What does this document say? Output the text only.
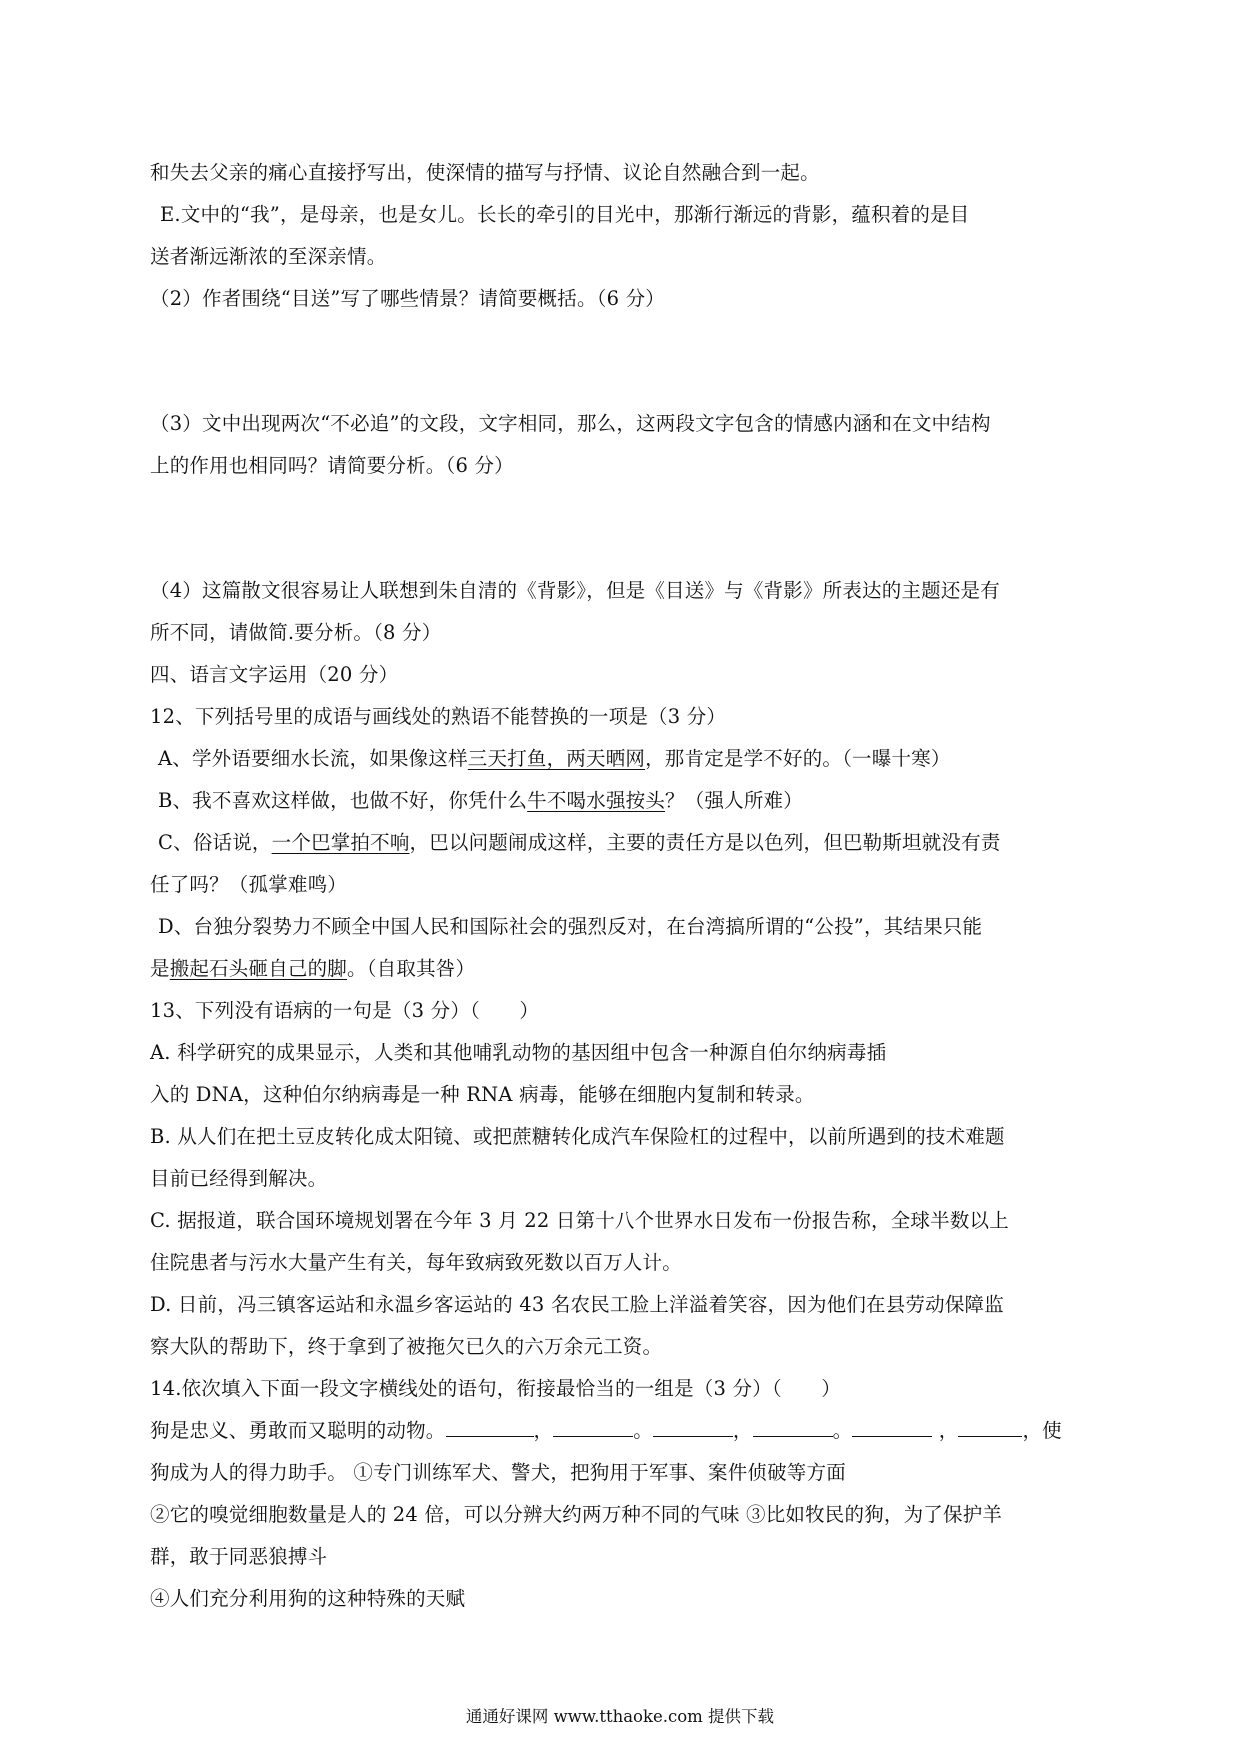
和失去父亲的痛心直接抒写出，使深情的描写与抒情、议论自然融合到一起。
E.文中的“我”，是母亲，也是女儿。长长的牵引的目光中，那渐行渐远的背影，蕴积着的是目
送者渐远渐浓的至深亲情。
（2）作者围绕“目送”写了哪些情景？请简要概括。（6 分）
（3）文中出现两次“不必追”的文段，文字相同，那么，这两段文字包含的情感内涵和在文中结构
上的作用也相同吗？请简要分析。（6 分）
（4）这篇散文很容易让人联想到朱自清的《背影》，但是《目送》与《背影》所表达的主题还是有
所不同，请做简.要分析。（8 分）
四、语言文字运用（20 分）
12、下列括号里的成语与画线处的熟语不能替换的一项是（3 分）
A、学外语要细水长流，如果像这样三天打鱼，两天晒网，那肯定是学不好的。（一曝十寒）
B、我不喜欢这样做，也做不好，你凭什么牛不喝水强按头？（强人所难）
C、俗话说，一个巴掌拍不响，巴以问题闹成这样，主要的责任方是以色列，但巴勒斯坦就没有责
任了吗？（孤掌难鸣）
D、台独分裂势力不顾全中国人民和国际社会的强烈反对，在台湾搞所谓的“公投”，其结果只能
是搬起石头砸自己的脚。（自取其咎）
13、下列没有语病的一句是（3 分）（　　）
A. 科学研究的成果显示，人类和其他哺乳动物的基因组中包含一种源自伯尔纳病毒插
入的 DNA，这种伯尔纳病毒是一种 RNA 病毒，能够在细胞内复制和转录。
B. 从人们在把土豆皮转化成太阳镜、或把蔗糖转化成汽车保险杠的过程中，以前所遇到的技术难题
目前已经得到解决。
C. 据报道，联合国环境规划署在今年 3 月 22 日第十八个世界水日发布一份报告称，全球半数以上
住院患者与污水大量产生有关，每年致病致死数以百万人计。
D. 日前，冯三镇客运站和永温乡客运站的 43 名农民工脸上洋溢着笑容，因为他们在县劳动保障监
察大队的帮助下，终于拿到了被拖欠已久的六万余元工资。
14.依次填入下面一段文字横线处的语句，衔接最恰当的一组是（3 分）（　　）
狗是忠义、勇敢而又聪明的动物。	，	。	，	。	，	，使
狗成为人的得力助手。 ①专门训练军犬、警犬，把狗用于军事、案件侦破等方面
②它的嗅觉细胞数量是人的 24 倍，可以分辨大约两万种不同的气味 ③比如牧民的狗，为了保护羊
群，敢于同恶狼搏斗
④人们充分利用狗的这种特殊的天赋
通通好课网 www.tthaoke.com 提供下载
